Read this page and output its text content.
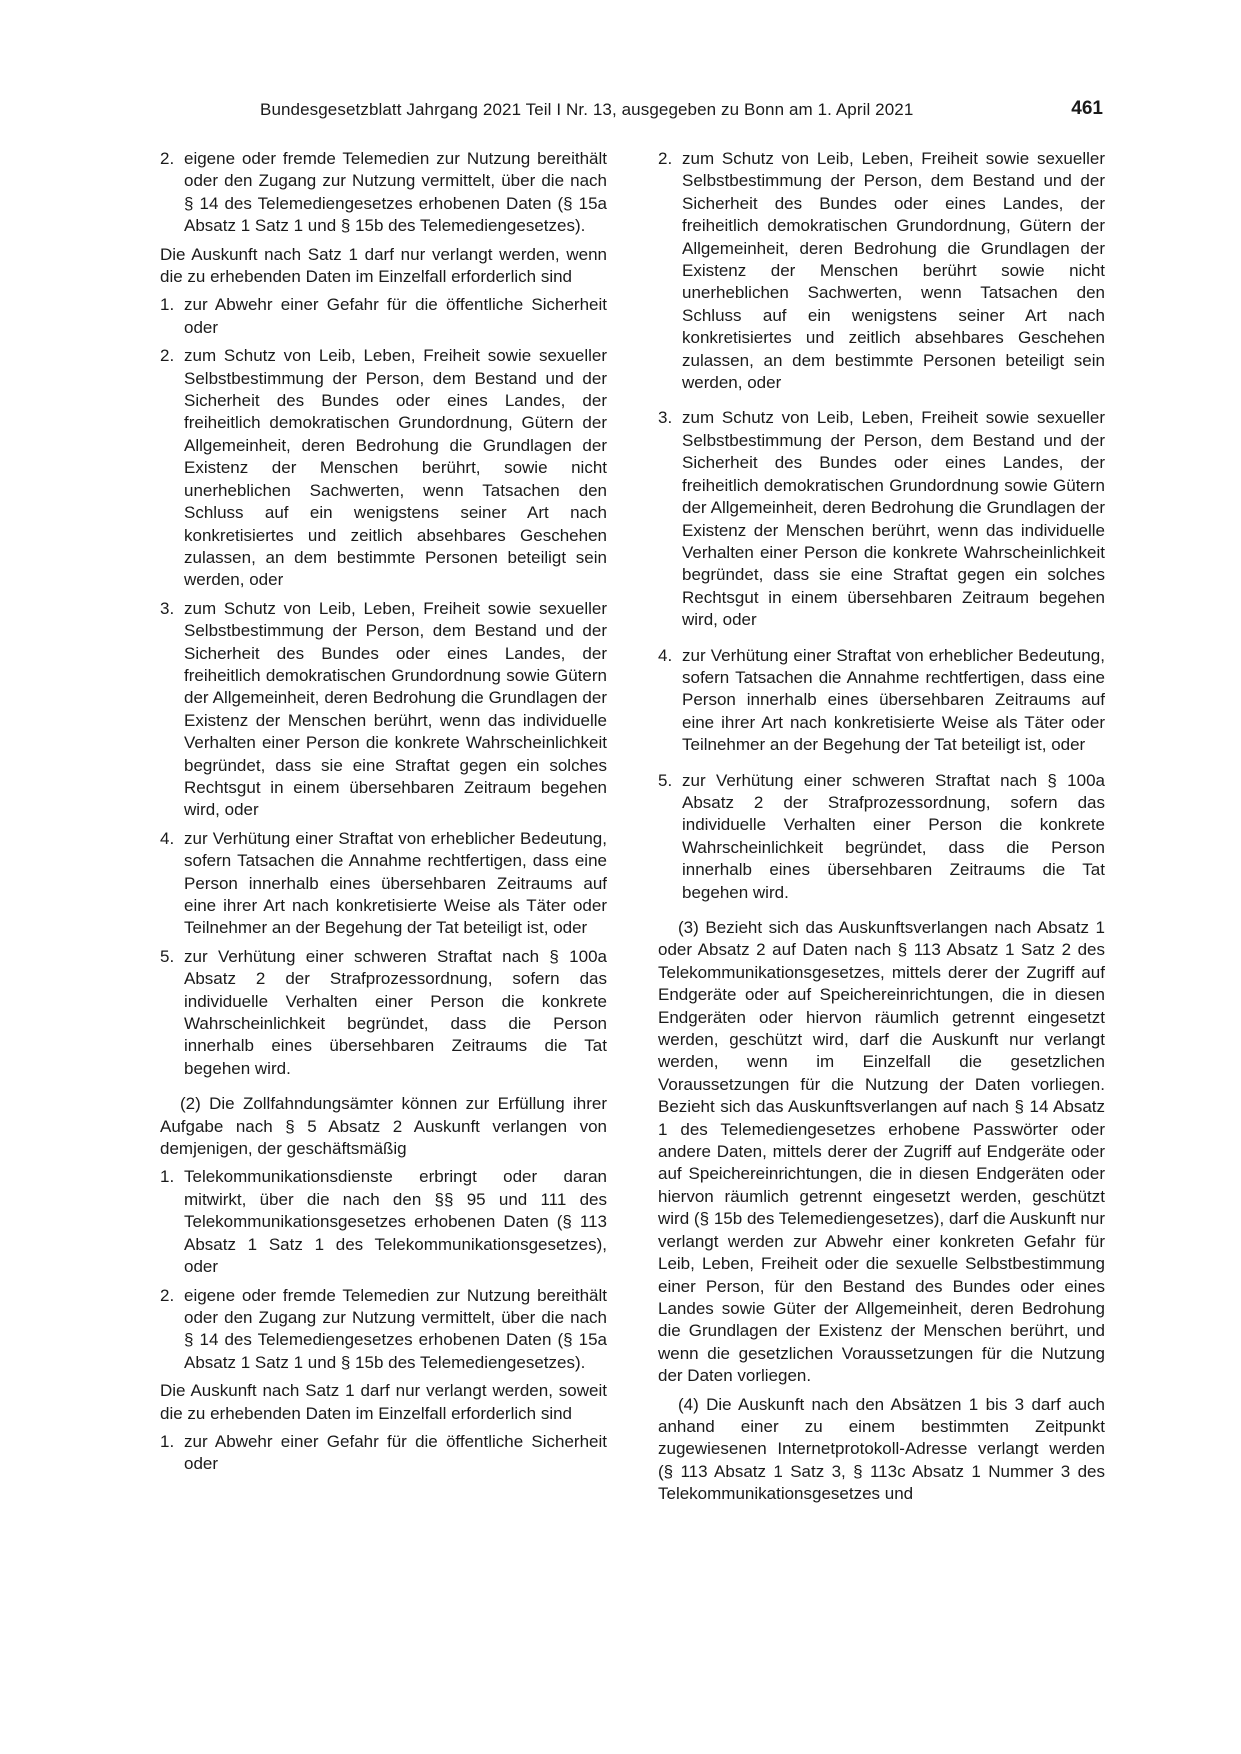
Bundesgesetzblatt Jahrgang 2021 Teil I Nr. 13, ausgegeben zu Bonn am 1. April 2021	461
2. eigene oder fremde Telemedien zur Nutzung bereithält oder den Zugang zur Nutzung vermittelt, über die nach § 14 des Telemediengesetzes erhobenen Daten (§ 15a Absatz 1 Satz 1 und § 15b des Telemediengesetzes).

Die Auskunft nach Satz 1 darf nur verlangt werden, wenn die zu erhebenden Daten im Einzelfall erforderlich sind

1. zur Abwehr einer Gefahr für die öffentliche Sicherheit oder
2. zum Schutz von Leib, Leben, Freiheit sowie sexueller Selbstbestimmung der Person, dem Bestand und der Sicherheit des Bundes oder eines Landes, der freiheitlich demokratischen Grundordnung, Gütern der Allgemeinheit, deren Bedrohung die Grundlagen der Existenz der Menschen berührt, sowie nicht unerheblichen Sachwerten, wenn Tatsachen den Schluss auf ein wenigstens seiner Art nach konkretisiertes und zeitlich absehbares Geschehen zulassen, an dem bestimmte Personen beteiligt sein werden, oder
3. zum Schutz von Leib, Leben, Freiheit sowie sexueller Selbstbestimmung der Person, dem Bestand und der Sicherheit des Bundes oder eines Landes, der freiheitlich demokratischen Grundordnung sowie Gütern der Allgemeinheit, deren Bedrohung die Grundlagen der Existenz der Menschen berührt, wenn das individuelle Verhalten einer Person die konkrete Wahrscheinlichkeit begründet, dass sie eine Straftat gegen ein solches Rechtsgut in einem übersehbaren Zeitraum begehen wird, oder
4. zur Verhütung einer Straftat von erheblicher Bedeutung, sofern Tatsachen die Annahme rechtfertigen, dass eine Person innerhalb eines übersehbaren Zeitraums auf eine ihrer Art nach konkretisierte Weise als Täter oder Teilnehmer an der Begehung der Tat beteiligt ist, oder
5. zur Verhütung einer schweren Straftat nach § 100a Absatz 2 der Strafprozessordnung, sofern das individuelle Verhalten einer Person die konkrete Wahrscheinlichkeit begründet, dass die Person innerhalb eines übersehbaren Zeitraums die Tat begehen wird.

(2) Die Zollfahndungsämter können zur Erfüllung ihrer Aufgabe nach § 5 Absatz 2 Auskunft verlangen von demjenigen, der geschäftsmäßig

1. Telekommunikationsdienste erbringt oder daran mitwirkt, über die nach den §§ 95 und 111 des Telekommunikationsgesetzes erhobenen Daten (§ 113 Absatz 1 Satz 1 des Telekommunikationsgesetzes), oder
2. eigene oder fremde Telemedien zur Nutzung bereithält oder den Zugang zur Nutzung vermittelt, über die nach § 14 des Telemediengesetzes erhobenen Daten (§ 15a Absatz 1 Satz 1 und § 15b des Telemediengesetzes).

Die Auskunft nach Satz 1 darf nur verlangt werden, soweit die zu erhebenden Daten im Einzelfall erforderlich sind

1. zur Abwehr einer Gefahr für die öffentliche Sicherheit oder
2. zum Schutz von Leib, Leben, Freiheit sowie sexueller Selbstbestimmung der Person, dem Bestand und der Sicherheit des Bundes oder eines Landes, der freiheitlich demokratischen Grundordnung, Gütern der Allgemeinheit, deren Bedrohung die Grundlagen der Existenz der Menschen berührt sowie nicht unerheblichen Sachwerten, wenn Tatsachen den Schluss auf ein wenigstens seiner Art nach konkretisiertes und zeitlich absehbares Geschehen zulassen, an dem bestimmte Personen beteiligt sein werden, oder
3. zum Schutz von Leib, Leben, Freiheit sowie sexueller Selbstbestimmung der Person, dem Bestand und der Sicherheit des Bundes oder eines Landes, der freiheitlich demokratischen Grundordnung sowie Gütern der Allgemeinheit, deren Bedrohung die Grundlagen der Existenz der Menschen berührt, wenn das individuelle Verhalten einer Person die konkrete Wahrscheinlichkeit begründet, dass sie eine Straftat gegen ein solches Rechtsgut in einem übersehbaren Zeitraum begehen wird, oder
4. zur Verhütung einer Straftat von erheblicher Bedeutung, sofern Tatsachen die Annahme rechtfertigen, dass eine Person innerhalb eines übersehbaren Zeitraums auf eine ihrer Art nach konkretisierte Weise als Täter oder Teilnehmer an der Begehung der Tat beteiligt ist, oder
5. zur Verhütung einer schweren Straftat nach § 100a Absatz 2 der Strafprozessordnung, sofern das individuelle Verhalten einer Person die konkrete Wahrscheinlichkeit begründet, dass die Person innerhalb eines übersehbaren Zeitraums die Tat begehen wird.

(3) Bezieht sich das Auskunftsverlangen nach Absatz 1 oder Absatz 2 auf Daten nach § 113 Absatz 1 Satz 2 des Telekommunikationsgesetzes, mittels derer der Zugriff auf Endgeräte oder auf Speichereinrichtungen, die in diesen Endgeräten oder hiervon räumlich getrennt eingesetzt werden, geschützt wird, darf die Auskunft nur verlangt werden, wenn im Einzelfall die gesetzlichen Voraussetzungen für die Nutzung der Daten vorliegen. Bezieht sich das Auskunftsverlangen auf nach § 14 Absatz 1 des Telemediengesetzes erhobene Passwörter oder andere Daten, mittels derer der Zugriff auf Endgeräte oder auf Speichereinrichtungen, die in diesen Endgeräten oder hiervon räumlich getrennt eingesetzt werden, geschützt wird (§ 15b des Telemediengesetzes), darf die Auskunft nur verlangt werden zur Abwehr einer konkreten Gefahr für Leib, Leben, Freiheit oder die sexuelle Selbstbestimmung einer Person, für den Bestand des Bundes oder eines Landes sowie Güter der Allgemeinheit, deren Bedrohung die Grundlagen der Existenz der Menschen berührt, und wenn die gesetzlichen Voraussetzungen für die Nutzung der Daten vorliegen.

(4) Die Auskunft nach den Absätzen 1 bis 3 darf auch anhand einer zu einem bestimmten Zeitpunkt zugewiesenen Internetprotokoll-Adresse verlangt werden (§ 113 Absatz 1 Satz 3, § 113c Absatz 1 Nummer 3 des Telekommunikationsgesetzes und
